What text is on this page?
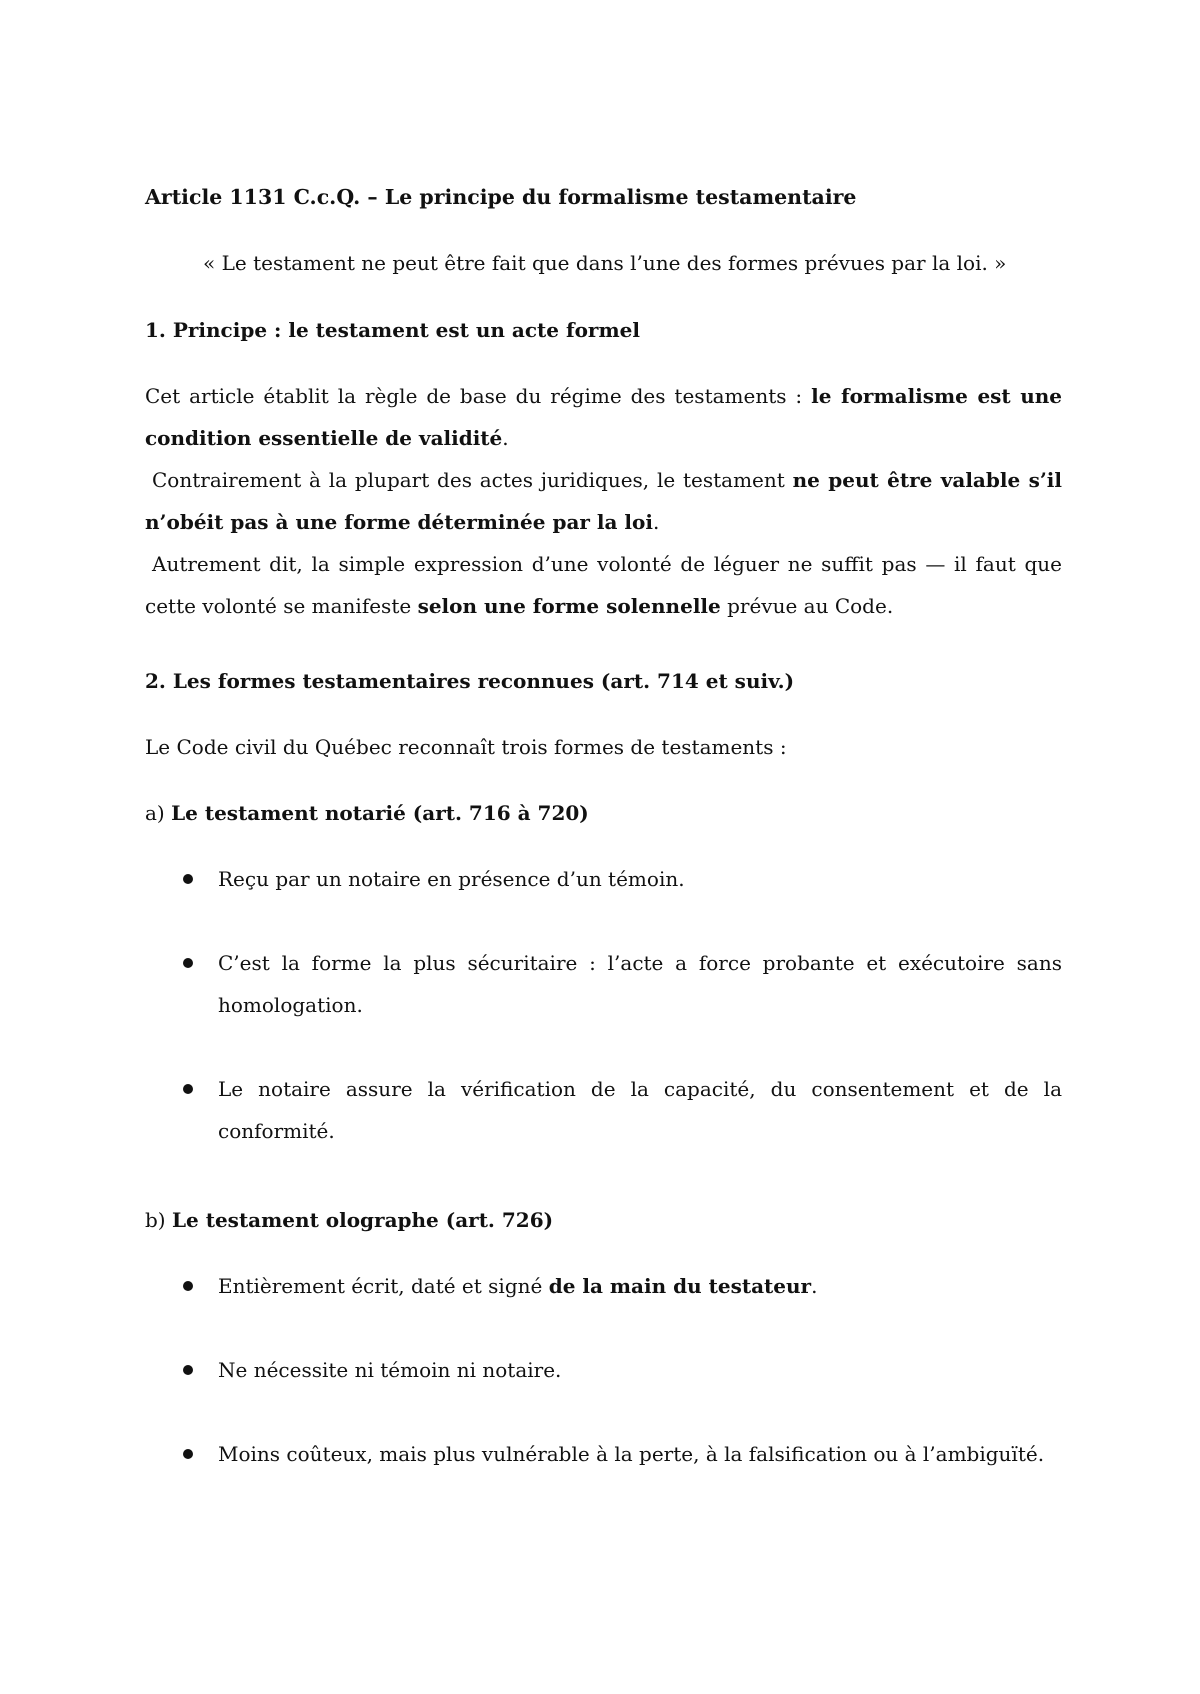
Article 1131 C.c.Q. – Le principe du formalisme testamentaire

« Le testament ne peut être fait que dans l’une des formes prévues par la loi. »

1. Principe : le testament est un acte formel

Cet article établit la règle de base du régime des testaments : le formalisme est une condition essentielle de validité.

Contrairement à la plupart des actes juridiques, le testament ne peut être valable s’il n’obéit pas à une forme déterminée par la loi.

Autrement dit, la simple expression d’une volonté de léguer ne suffit pas — il faut que cette volonté se manifeste selon une forme solennelle prévue au Code.

2. Les formes testamentaires reconnues (art. 714 et suiv.)

Le Code civil du Québec reconnaît trois formes de testaments :

a) Le testament notarié (art. 716 à 720)

Reçu par un notaire en présence d’un témoin.
C’est la forme la plus sécuritaire : l’acte a force probante et exécutoire sans homologation.
Le notaire assure la vérification de la capacité, du consentement et de la conformité.

b) Le testament olographe (art. 726)

Entièrement écrit, daté et signé de la main du testateur.
Ne nécessite ni témoin ni notaire.
Moins coûteux, mais plus vulnérable à la perte, à la falsification ou à l’ambiguïté.
